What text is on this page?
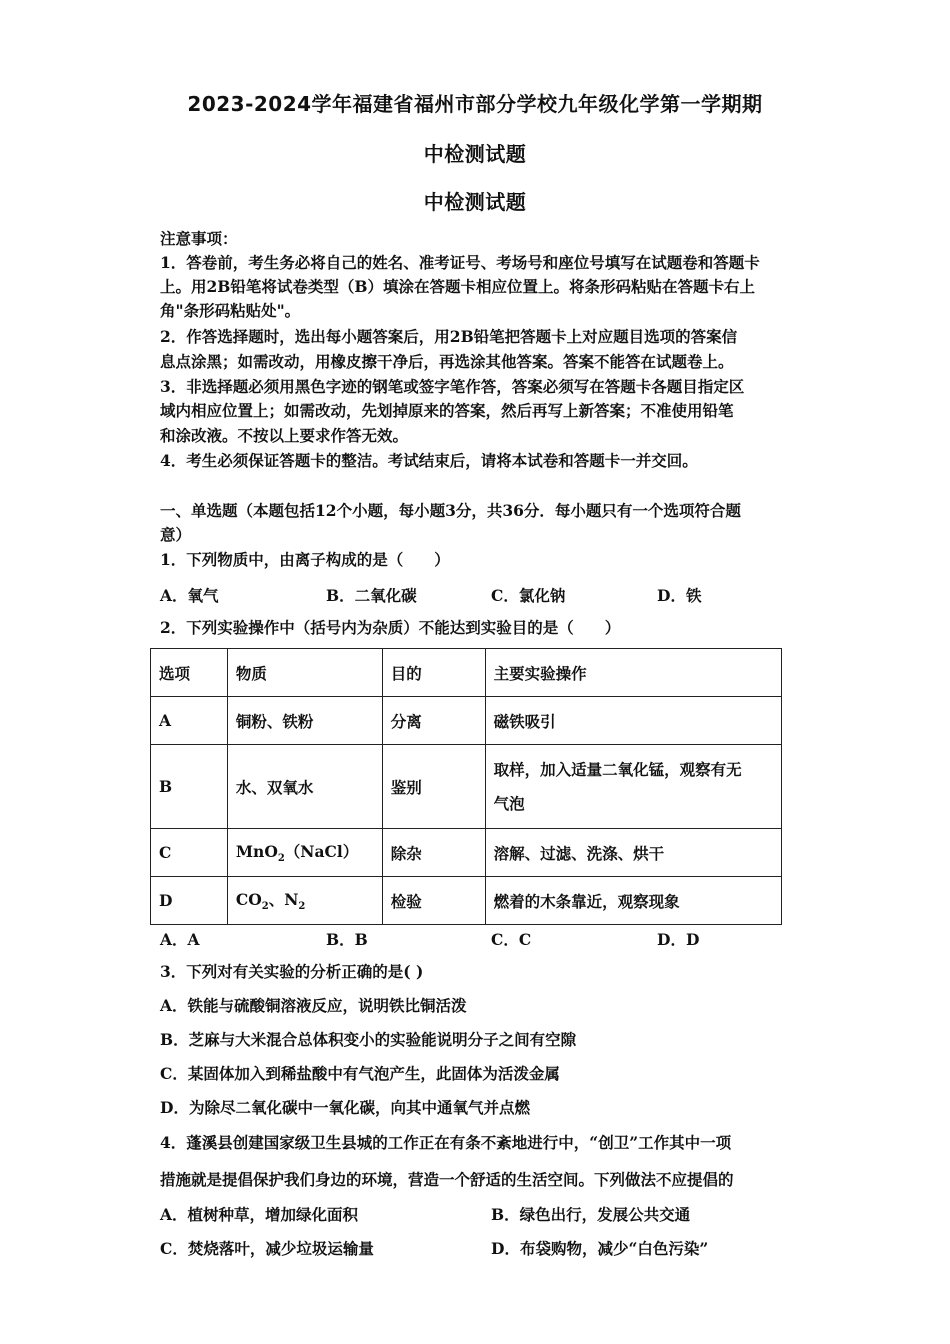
2023-2024学年福建省福州市部分学校九年级化学第一学期期
中检测试题
中检测试题
注意事项：
1．答卷前，考生务必将自己的姓名、准考证号、考场号和座位号填写在试题卷和答题卡
上。用2B铅笔将试卷类型（B）填涂在答题卡相应位置上。将条形码粘贴在答题卡右上
角"条形码粘贴处"。
2．作答选择题时，选出每小题答案后，用2B铅笔把答题卡上对应题目选项的答案信
息点涂黑；如需改动，用橡皮擦干净后，再选涂其他答案。答案不能答在试题卷上。
3．非选择题必须用黑色字迹的钢笔或签字笔作答，答案必须写在答题卡各题目指定区
域内相应位置上；如需改动，先划掉原来的答案，然后再写上新答案；不准使用铅笔
和涂改液。不按以上要求作答无效。
4．考生必须保证答题卡的整洁。考试结束后，请将本试卷和答题卡一并交回。
一、单选题（本题包括12个小题，每小题3分，共36分．每小题只有一个选项符合题
意）
1．下列物质中，由离子构成的是（　　）
A．氧气	B．二氧化碳	C．氯化钠	D．铁
2．下列实验操作中（括号内为杂质）不能达到实验目的是（　　）
选项	物质	目的	主要实验操作
A	铜粉、铁粉	分离	磁铁吸引
B	水、双氧水	鉴别	取样，加入适量二氧化锰，观察有无
气泡

C	MnO$_2$（NaCl）	除杂	溶解、过滤、洗涤、烘干
D	$CO_2$、$N_2$	检验	燃着的木条靠近，观察现象
A．A	B．B	C．C	D．D
3．下列对有关实验的分析正确的是( )
A．铁能与硫酸铜溶液反应，说明铁比铜活泼
B．芝麻与大米混合总体积变小的实验能说明分子之间有空隙
C．某固体加入到稀盐酸中有气泡产生，此固体为活泼金属
D．为除尽二氧化碳中一氧化碳，向其中通氧气并点燃
4．蓬溪县创建国家级卫生县城的工作正在有条不紊地进行中，“创卫”工作其中一项
措施就是提倡保护我们身边的环境，营造一个舒适的生活空间。下列做法不应提倡的
A．植树种草，增加绿化面积	B．绿色出行，发展公共交通
C．焚烧落叶，减少垃圾运输量	D．布袋购物，减少“白色污染”
